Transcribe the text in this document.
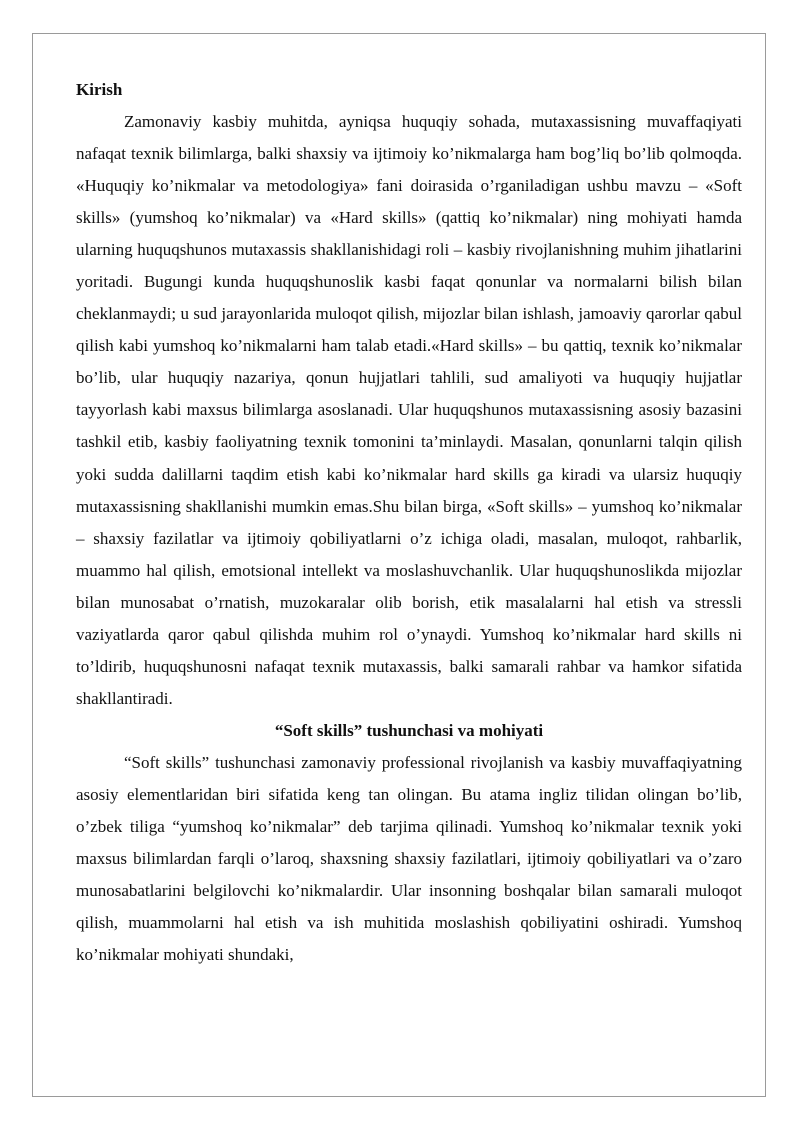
Kirish

Zamonaviy kasbiy muhitda, ayniqsa huquqiy sohada, mutaxassisning muvaffaqiyati nafaqat texnik bilimlarga, balki shaxsiy va ijtimoiy ko’nikmalarga ham bog’liq bo’lib qolmoqda. «Huquqiy ko’nikmalar va metodologiya» fani doirasida o’rganiladigan ushbu mavzu – «Soft skills» (yumshoq ko’nikmalar) va «Hard skills» (qattiq ko’nikmalar) ning mohiyati hamda ularning huquqshunos mutaxassis shakllanishidagi roli – kasbiy rivojlanishning muhim jihatlarini yoritadi. Bugungi kunda huquqshunoslik kasbi faqat qonunlar va normalarni bilish bilan cheklanmaydi; u sud jarayonlarida muloqot qilish, mijozlar bilan ishlash, jamoaviy qarorlar qabul qilish kabi yumshoq ko’nikmalarni ham talab etadi.«Hard skills» – bu qattiq, texnik ko’nikmalar bo’lib, ular huquqiy nazariya, qonun hujjatlari tahlili, sud amaliyoti va huquqiy hujjatlar tayyorlash kabi maxsus bilimlarga asoslanadi. Ular huquqshunos mutaxassisning asosiy bazasini tashkil etib, kasbiy faoliyatning texnik tomonini ta’minlaydi. Masalan, qonunlarni talqin qilish yoki sudda dalillarni taqdim etish kabi ko’nikmalar hard skills ga kiradi va ularsiz huquqiy mutaxassisning shakllanishi mumkin emas.Shu bilan birga, «Soft skills» – yumshoq ko’nikmalar – shaxsiy fazilatlar va ijtimoiy qobiliyatlarni o’z ichiga oladi, masalan, muloqot, rahbarlik, muammo hal qilish, emotsional intellekt va moslashuvchanlik. Ular huquqshunoslikda mijozlar bilan munosabat o’rnatish, muzokaralar olib borish, etik masalalarni hal etish va stressli vaziyatlarda qaror qabul qilishda muhim rol o’ynaydi. Yumshoq ko’nikmalar hard skills ni to’ldirib, huquqshunosni nafaqat texnik mutaxassis, balki samarali rahbar va hamkor sifatida shakllantiradi.

“Soft skills” tushunchasi va mohiyati

“Soft skills” tushunchasi zamonaviy professional rivojlanish va kasbiy muvaffaqiyatning asosiy elementlaridan biri sifatida keng tan olingan. Bu atama ingliz tilidan olingan bo’lib, o’zbek tiliga “yumshoq ko’nikmalar” deb tarjima qilinadi. Yumshoq ko’nikmalar texnik yoki maxsus bilimlardan farqli o’laroq, shaxsning shaxsiy fazilatlari, ijtimoiy qobiliyatlari va o’zaro munosabatlarini belgilovchi ko’nikmalardir. Ular insonning boshqalar bilan samarali muloqot qilish, muammolarni hal etish va ish muhitida moslashish qobiliyatini oshiradi. Yumshoq ko’nikmalar mohiyati shundaki,
